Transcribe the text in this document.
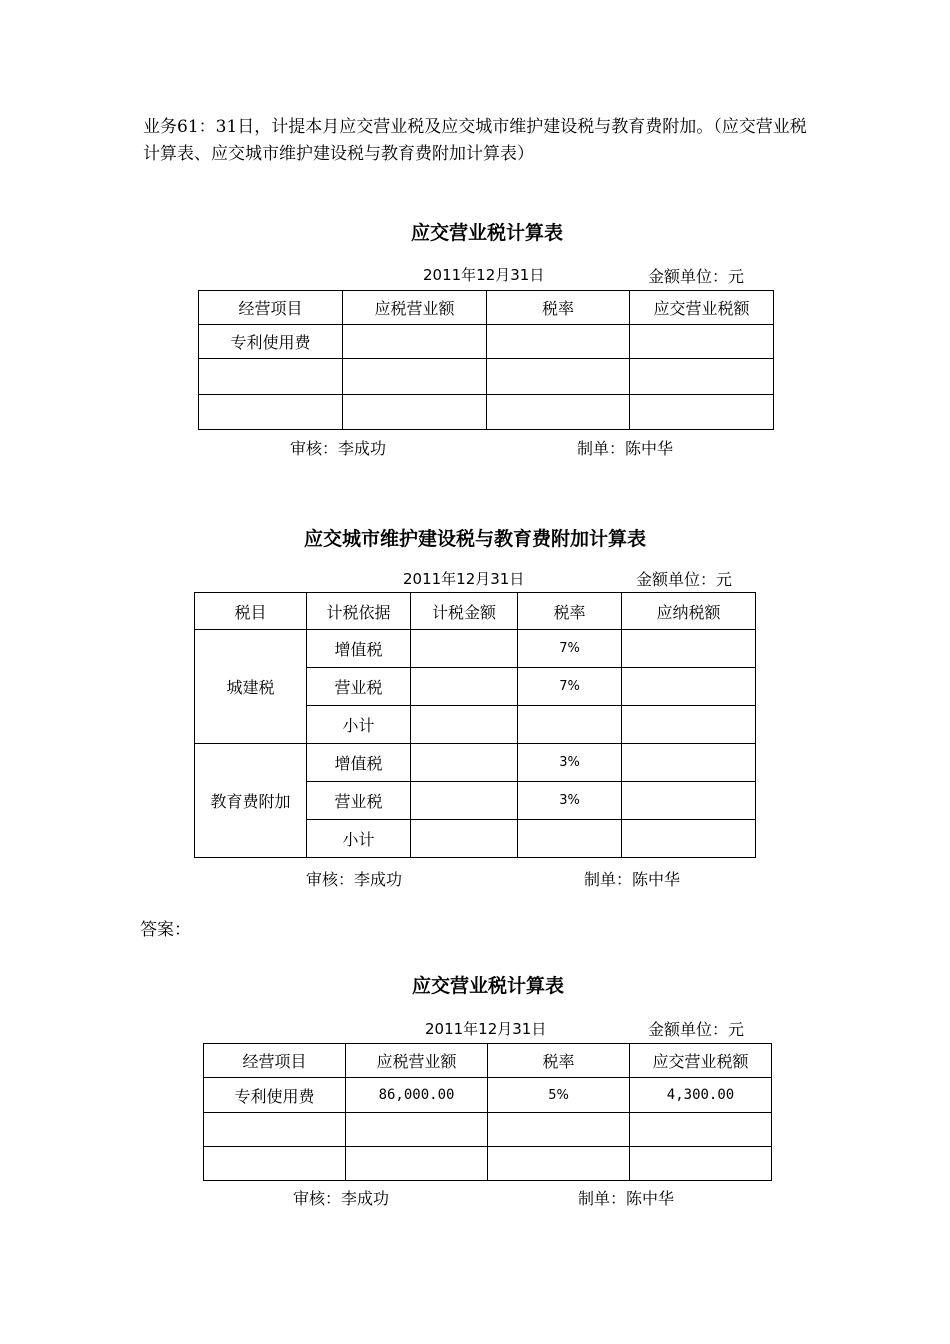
业务61：31日，计提本月应交营业税及应交城市维护建设税与教育费附加。（应交营业税计算表、应交城市维护建设税与教育费附加计算表）
应交营业税计算表
2011年12月31日	金额单位：元
经营项目	应税营业额	税率	应交营业税额
专利使用费			

审核：李成功	制单：陈中华
应交城市维护建设税与教育费附加计算表
2011年12月31日	金额单位：元
税目	计税依据	计税金额	税率	应纳税额
城建税	增值税		7%	
	营业税		7%	
	小计			
教育费附加	增值税		3%	
	营业税		3%	
	小计			
审核：李成功	制单：陈中华
答案：
应交营业税计算表
2011年12月31日	金额单位：元
经营项目	应税营业额	税率	应交营业税额
专利使用费	86,000.00	5%	4,300.00

审核：李成功	制单：陈中华
